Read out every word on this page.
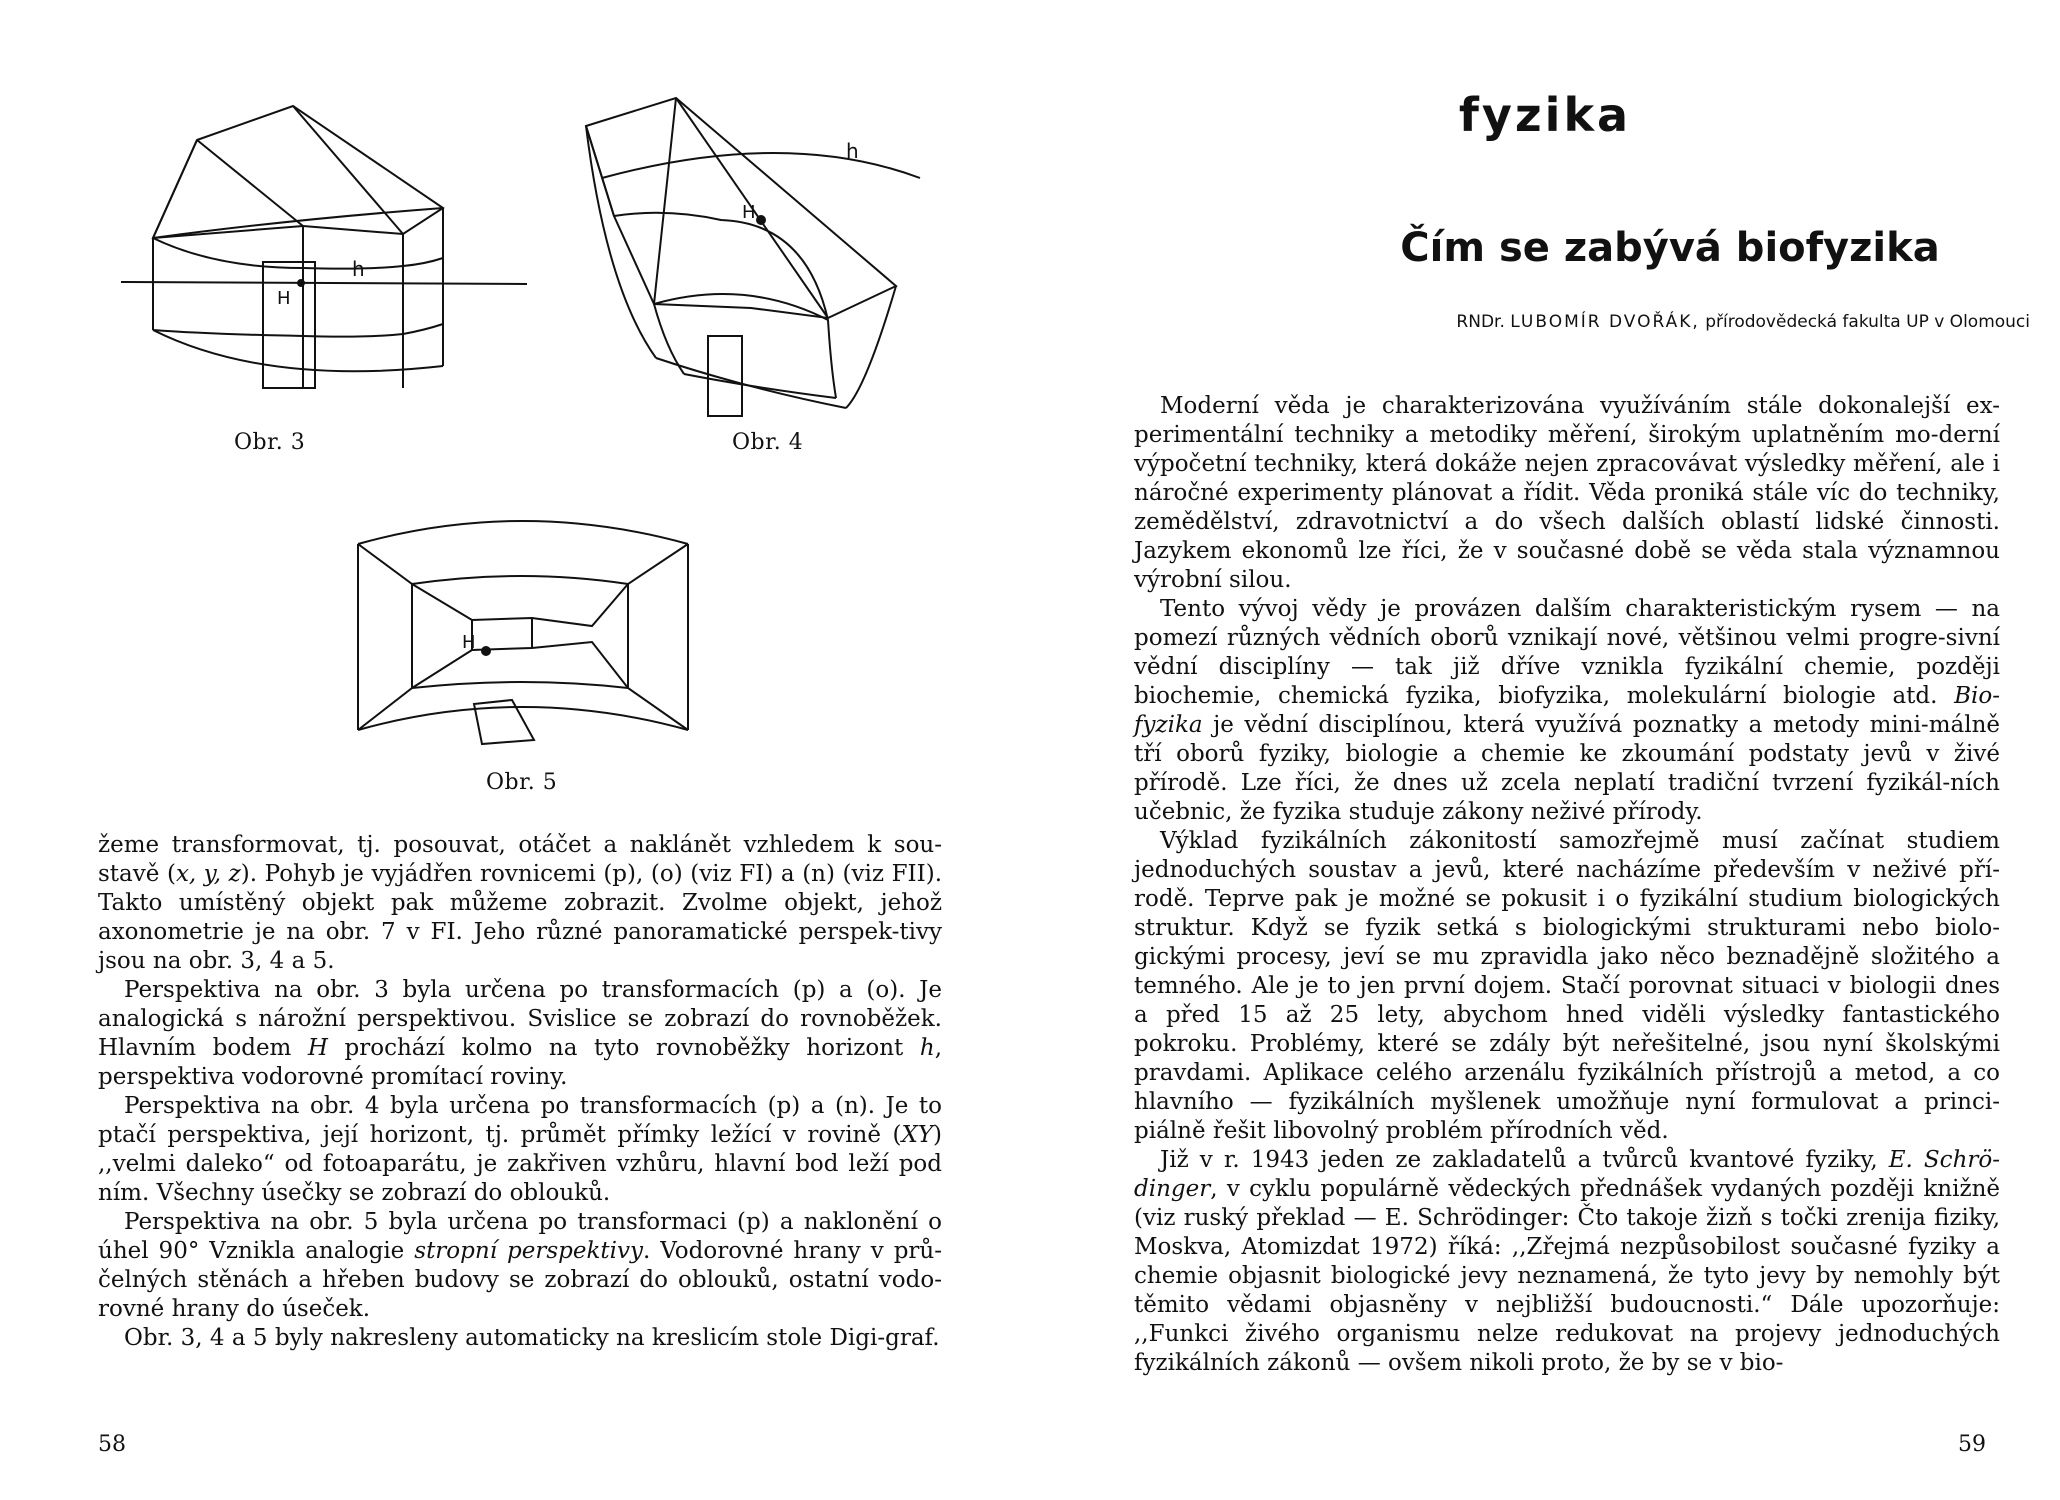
h
H
Obr. 3
h
H
Obr. 4
H
Obr. 5

žeme transformovat, tj. posouvat, otáčet a naklánět vzhledem k sou-stavě (x, y, z). Pohyb je vyjádřen rovnicemi (p), (o) (viz FI) a (n) (viz FII). Takto umístěný objekt pak můžeme zobrazit. Zvolme objekt, jehož axonometrie je na obr. 7 v FI. Jeho různé panoramatické perspek-tivy jsou na obr. 3, 4 a 5.

Perspektiva na obr. 3 byla určena po transformacích (p) a (o). Je analogická s nárožní perspektivou. Svislice se zobrazí do rovnoběžek. Hlavním bodem H prochází kolmo na tyto rovnoběžky horizont h, perspektiva vodorovné promítací roviny.

Perspektiva na obr. 4 byla určena po transformacích (p) a (n). Je to ptačí perspektiva, její horizont, tj. průmět přímky ležící v rovině (XY) ,,velmi daleko“ od fotoaparátu, je zakřiven vzhůru, hlavní bod leží pod ním. Všechny úsečky se zobrazí do oblouků.

Perspektiva na obr. 5 byla určena po transformaci (p) a naklonění o úhel 90° Vznikla analogie stropní perspektivy. Vodorovné hrany v prů-čelných stěnách a hřeben budovy se zobrazí do oblouků, ostatní vodo-rovné hrany do úseček.

Obr. 3, 4 a 5 byly nakresleny automaticky na kreslicím stole Digi-graf.

58
fyzika
Čím se zabývá biofyzika
RNDr. LUBOMÍR DVOŘÁK, přírodovědecká fakulta UP v Olomouci

Moderní věda je charakterizována využíváním stále dokonalejší ex-perimentální techniky a metodiky měření, širokým uplatněním mo-derní výpočetní techniky, která dokáže nejen zpracovávat výsledky měření, ale i náročné experimenty plánovat a řídit. Věda proniká stále víc do techniky, zemědělství, zdravotnictví a do všech dalších oblastí lidské činnosti. Jazykem ekonomů lze říci, že v současné době se věda stala významnou výrobní silou.

Tento vývoj vědy je provázen dalším charakteristickým rysem — na pomezí různých vědních oborů vznikají nové, většinou velmi progre-sivní vědní disciplíny — tak již dříve vznikla fyzikální chemie, později biochemie, chemická fyzika, biofyzika, molekulární biologie atd. Bio-fyzika je vědní disciplínou, která využívá poznatky a metody mini-málně tří oborů fyziky, biologie a chemie ke zkoumání podstaty jevů v živé přírodě. Lze říci, že dnes už zcela neplatí tradiční tvrzení fyzikál-ních učebnic, že fyzika studuje zákony neživé přírody.

Výklad fyzikálních zákonitostí samozřejmě musí začínat studiem jednoduchých soustav a jevů, které nacházíme především v neživé pří-rodě. Teprve pak je možné se pokusit i o fyzikální studium biologických struktur. Když se fyzik setká s biologickými strukturami nebo biolo-gickými procesy, jeví se mu zpravidla jako něco beznadějně složitého a temného. Ale je to jen první dojem. Stačí porovnat situaci v biologii dnes a před 15 až 25 lety, abychom hned viděli výsledky fantastického pokroku. Problémy, které se zdály být neřešitelné, jsou nyní školskými pravdami. Aplikace celého arzenálu fyzikálních přístrojů a metod, a co hlavního — fyzikálních myšlenek umožňuje nyní formulovat a princi-piálně řešit libovolný problém přírodních věd.

Již v r. 1943 jeden ze zakladatelů a tvůrců kvantové fyziky, E. Schrö-dinger, v cyklu populárně vědeckých přednášek vydaných později knižně (viz ruský překlad — E. Schrödinger: Čto takoje žizň s točki zrenija fiziky, Moskva, Atomizdat 1972) říká: ,,Zřejmá nezpůsobilost současné fyziky a chemie objasnit biologické jevy neznamená, že tyto jevy by nemohly být těmito vědami objasněny v nejbližší budoucnosti.“ Dále upozorňuje: ,,Funkci živého organismu nelze redukovat na projevy jednoduchých fyzikálních zákonů — ovšem nikoli proto, že by se v bio-

59
